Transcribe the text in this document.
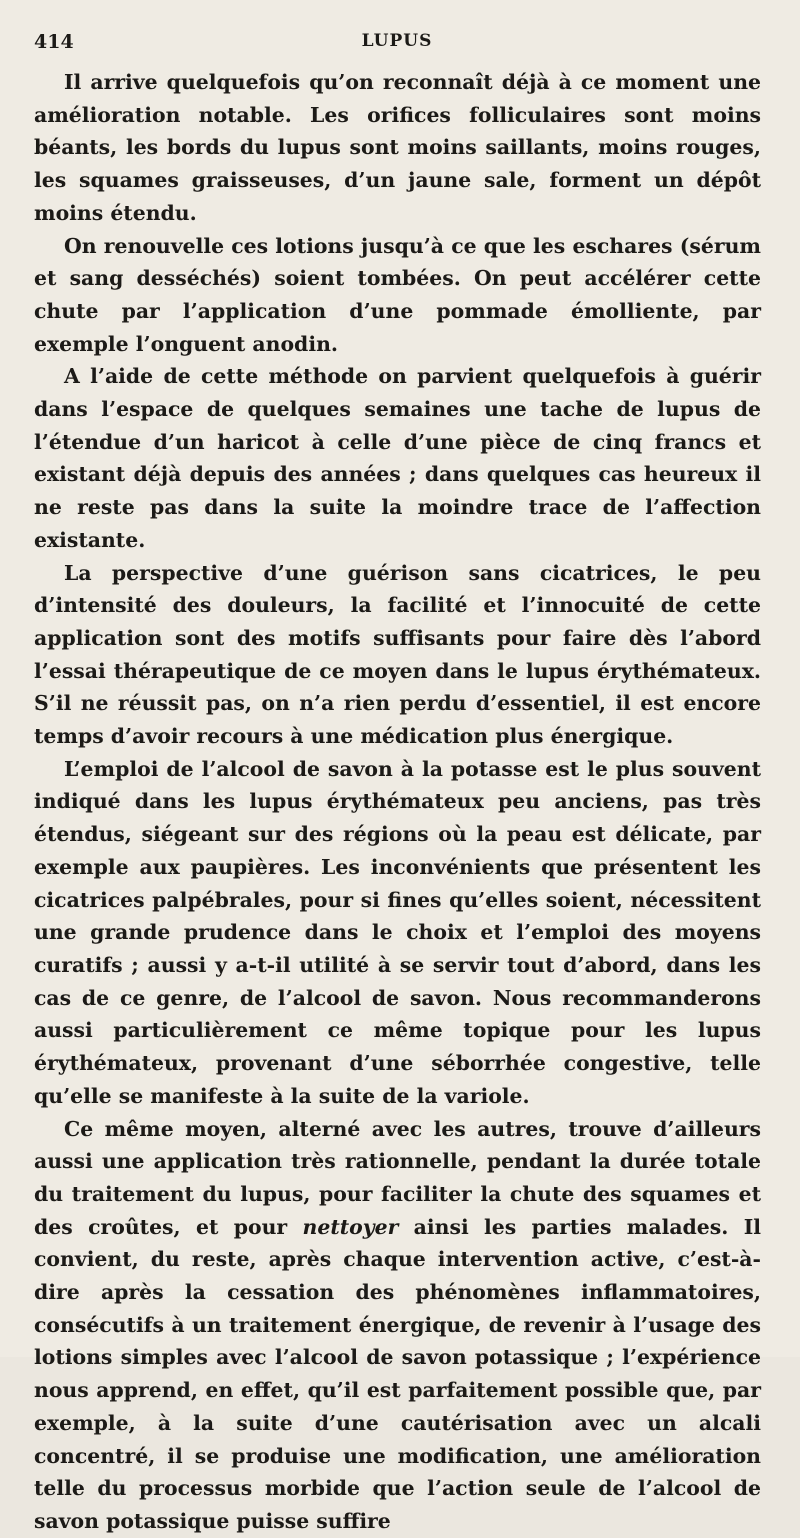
414	LUPUS

Il arrive quelquefois qu’on reconnaît déjà à ce moment une amélioration notable. Les orifices folliculaires sont moins béants, les bords du lupus sont moins saillants, moins rouges, les squames graisseuses, d’un jaune sale, forment un dépôt moins étendu.

On renouvelle ces lotions jusqu’à ce que les eschares (sérum et sang desséchés) soient tombées. On peut accélérer cette chute par l’application d’une pommade émolliente, par exemple l’onguent anodin.

A l’aide de cette méthode on parvient quelquefois à guérir dans l’espace de quelques semaines une tache de lupus de l’étendue d’un haricot à celle d’une pièce de cinq francs et existant déjà depuis des années ; dans quelques cas heureux il ne reste pas dans la suite la moindre trace de l’affection existante.

La perspective d’une guérison sans cicatrices, le peu d’intensité des douleurs, la facilité et l’innocuité de cette application sont des motifs suffisants pour faire dès l’abord l’essai thérapeutique de ce moyen dans le lupus érythémateux. S’il ne réussit pas, on n’a rien perdu d’essentiel, il est encore temps d’avoir recours à une médication plus énergique.

L’emploi de l’alcool de savon à la potasse est le plus souvent indiqué dans les lupus érythémateux peu anciens, pas très étendus, siégeant sur des régions où la peau est délicate, par exemple aux paupières. Les inconvénients que présentent les cicatrices palpébrales, pour si fines qu’elles soient, nécessitent une grande prudence dans le choix et l’emploi des moyens curatifs ; aussi y a-t-il utilité à se servir tout d’abord, dans les cas de ce genre, de l’alcool de savon. Nous recommanderons aussi particulièrement ce même topique pour les lupus érythémateux, provenant d’une séborrhée congestive, telle qu’elle se manifeste à la suite de la variole.

Ce même moyen, alterné avec les autres, trouve d’ailleurs aussi une application très rationnelle, pendant la durée totale du traitement du lupus, pour faciliter la chute des squames et des croûtes, et pour nettoyer ainsi les parties malades. Il convient, du reste, après chaque intervention active, c’est-à-dire après la cessation des phénomènes inflammatoires, consécutifs à un traitement énergique, de revenir à l’usage des lotions simples avec l’alcool de savon potassique ; l’expérience nous apprend, en effet, qu’il est parfaitement possible que, par exemple, à la suite d’une cautérisation avec un alcali concentré, il se produise une modification, une amélioration telle du processus morbide que l’action seule de l’alcool de savon potassique puisse suffire
